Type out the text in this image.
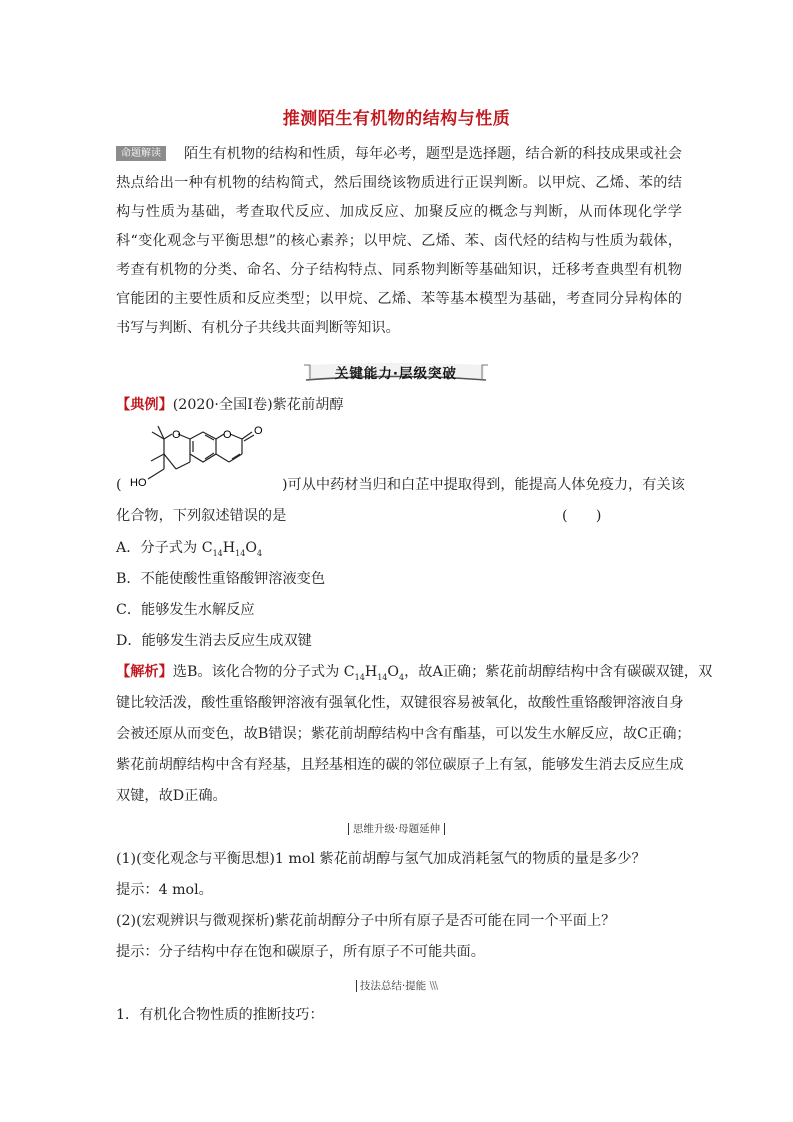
推测陌生有机物的结构与性质
命题解读 陌生有机物的结构和性质，每年必考，题型是选择题，结合新的科技成果或社会热点给出一种有机物的结构简式，然后围绕该物质进行正误判断。以甲烷、乙烯、苯的结构与性质为基础，考查取代反应、加成反应、加聚反应的概念与判断，从而体现化学学科“变化观念与平衡思想”的核心素养；以甲烷、乙烯、苯、卤代烃的结构与性质为载体，考查有机物的分类、命名、分子结构特点、同系物判断等基础知识，迁移考查典型有机物官能团的主要性质和反应类型；以甲烷、乙烯、苯等基本模型为基础，考查同分异构体的书写与判断、有机分子共线共面判断等知识。
关键能力·层级突破
【典例】(2020·全国Ⅰ卷)紫花前胡醇
O	O O
HO
(	)可从中药材当归和白芷中提取得到，能提高人体免疫力，有关该
化合物，下列叙述错误的是	(　　)
A．分子式为 $C_{14}H_{14}O_4$
B．不能使酸性重铬酸钾溶液变色
C．能够发生水解反应
D．能够发生消去反应生成双键
【解析】选B。该化合物的分子式为 $C_{14}H_{14}O_4$，故A正确；紫花前胡醇结构中含有碳碳双键，双
键比较活泼，酸性重铬酸钾溶液有强氧化性，双键很容易被氧化，故酸性重铬酸钾溶液自身
会被还原从而变色，故B错误；紫花前胡醇结构中含有酯基，可以发生水解反应，故C正确；
紫花前胡醇结构中含有羟基，且羟基相连的碳的邻位碳原子上有氢，能够发生消去反应生成
双键，故D正确。
思维升级·母题延伸
(1)(变化观念与平衡思想)1 mol 紫花前胡醇与氢气加成消耗氢气的物质的量是多少？
提示：4 mol。
(2)(宏观辨识与微观探析)紫花前胡醇分子中所有原子是否可能在同一个平面上？
提示：分子结构中存在饱和碳原子，所有原子不可能共面。
技法总结·提能 \\\
1．有机化合物性质的推断技巧：
